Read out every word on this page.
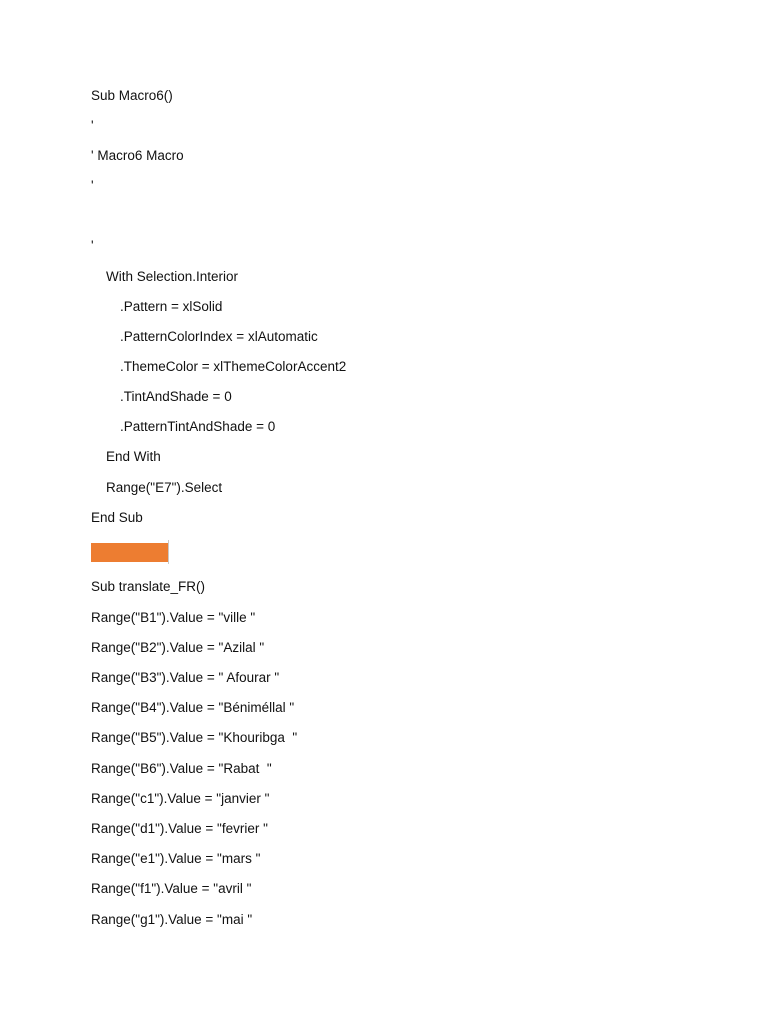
Sub Macro6()
'
' Macro6 Macro
'
'
With Selection.Interior
.Pattern = xlSolid
.PatternColorIndex = xlAutomatic
.ThemeColor = xlThemeColorAccent2
.TintAndShade = 0
.PatternTintAndShade = 0
End With
Range("E7").Select
End Sub
Sub translate_FR()
Range("B1").Value = "ville "
Range("B2").Value = "Azilal "
Range("B3").Value = " Afourar "
Range("B4").Value = "Béniméllal "
Range("B5").Value = "Khouribga  "
Range("B6").Value = "Rabat  "
Range("c1").Value = "janvier "
Range("d1").Value = "fevrier "
Range("e1").Value = "mars "
Range("f1").Value = "avril "
Range("g1").Value = "mai "
